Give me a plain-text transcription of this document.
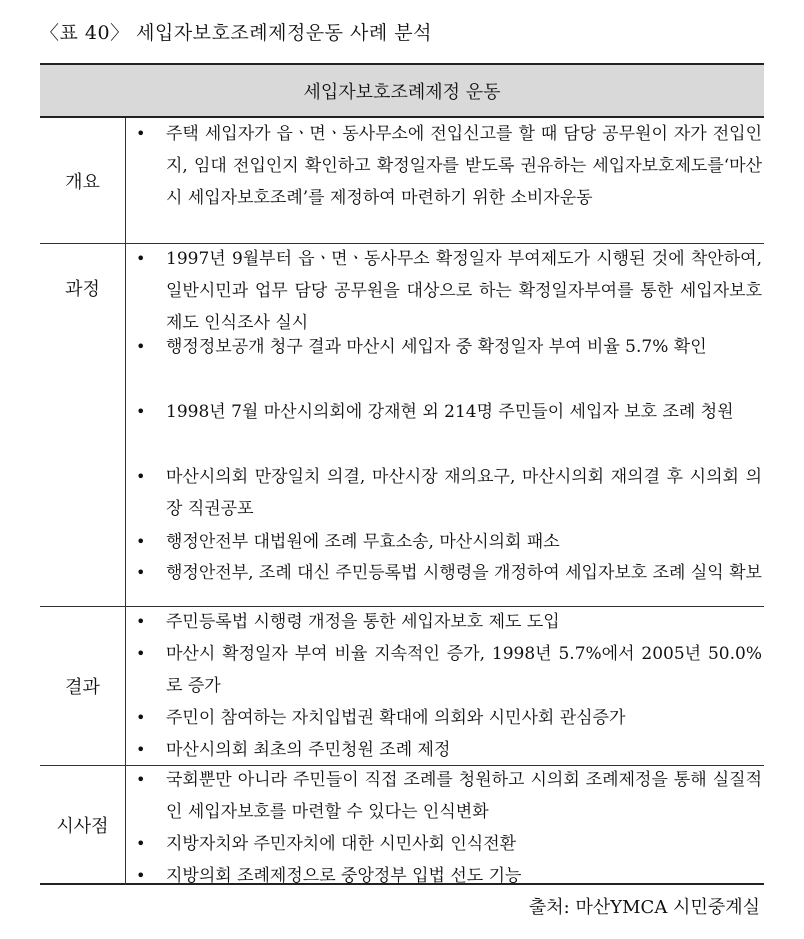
〈표 40〉 세입자보호조례제정운동 사례 분석
세입자보호조례제정 운동
개요
• 주택 세입자가 읍ㆍ면ㆍ동사무소에 전입신고를 할 때 담당 공무원이 자가 전입인지, 임대 전입인지 확인하고 확정일자를 받도록 권유하는 세입자보호제도를‘마산시 세입자보호조례’를 제정하여 마련하기 위한 소비자운동
과정
• 1997년 9월부터 읍ㆍ면ㆍ동사무소 확정일자 부여제도가 시행된 것에 착안하여, 일반시민과 업무 담당 공무원을 대상으로 하는 확정일자부여를 통한 세입자보호 제도 인식조사 실시
• 행정정보공개 청구 결과 마산시 세입자 중 확정일자 부여 비율 5.7% 확인
• 1998년 7월 마산시의회에 강재현 외 214명 주민들이 세입자 보호 조례 청원
• 마산시의회 만장일치 의결, 마산시장 재의요구, 마산시의회 재의결 후 시의회 의장 직권공포
• 행정안전부 대법원에 조례 무효소송, 마산시의회 패소
• 행정안전부, 조례 대신 주민등록법 시행령을 개정하여 세입자보호 조례 실익 확보
결과
• 주민등록법 시행령 개정을 통한 세입자보호 제도 도입
• 마산시 확정일자 부여 비율 지속적인 증가, 1998년 5.7%에서 2005년 50.0%로 증가
• 주민이 참여하는 자치입법권 확대에 의회와 시민사회 관심증가
• 마산시의회 최초의 주민청원 조례 제정
시사점
• 국회뿐만 아니라 주민들이 직접 조례를 청원하고 시의회 조례제정을 통해 실질적인 세입자보호를 마련할 수 있다는 인식변화
• 지방자치와 주민자치에 대한 시민사회 인식전환
• 지방의회 조례제정으로 중앙정부 입법 선도 기능
출처: 마산YMCA 시민중계실
